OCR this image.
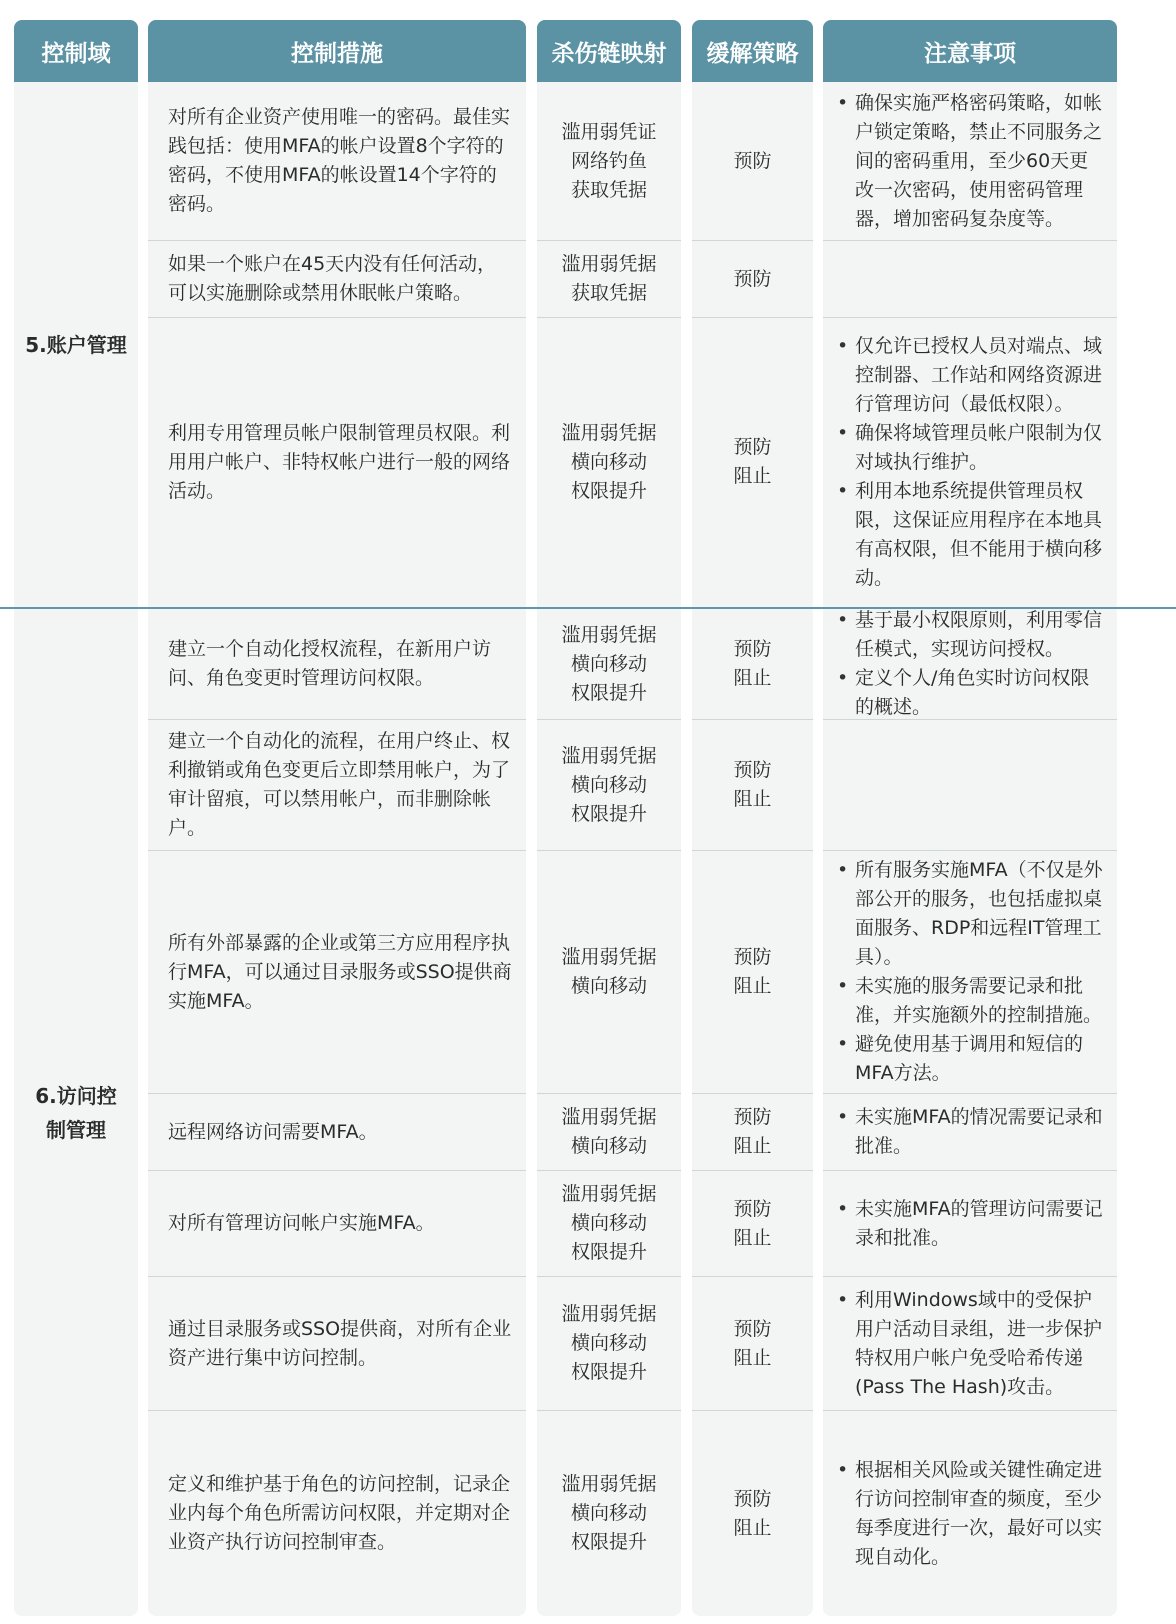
控制域
5.账户管理
6.访问控
制管理
控制措施
对所有企业资产使用唯一的密码。最佳实践包括：使用MFA的帐户设置8个字符的密码，不使用MFA的帐设置14个字符的密码。
如果一个账户在45天内没有任何活动，可以实施删除或禁用休眠帐户策略。
利用专用管理员帐户限制管理员权限。利用用户帐户、非特权帐户进行一般的网络活动。
建立一个自动化授权流程，在新用户访问、角色变更时管理访问权限。
建立一个自动化的流程，在用户终止、权利撤销或角色变更后立即禁用帐户，为了审计留痕，可以禁用帐户，而非删除帐户。
所有外部暴露的企业或第三方应用程序执行MFA，可以通过目录服务或SSO提供商实施MFA。
远程网络访问需要MFA。
对所有管理访问帐户实施MFA。
通过目录服务或SSO提供商，对所有企业资产进行集中访问控制。
定义和维护基于角色的访问控制，记录企业内每个角色所需访问权限，并定期对企业资产执行访问控制审查。
杀伤链映射
滥用弱凭证
网络钓鱼
获取凭据
滥用弱凭据
获取凭据
滥用弱凭据
横向移动
权限提升
滥用弱凭据
横向移动
权限提升
滥用弱凭据
横向移动
权限提升
滥用弱凭据
横向移动
滥用弱凭据
横向移动
滥用弱凭据
横向移动
权限提升
滥用弱凭据
横向移动
权限提升
滥用弱凭据
横向移动
权限提升
缓解策略
预防
预防
预防
阻止
预防
阻止
预防
阻止
预防
阻止
预防
阻止
预防
阻止
预防
阻止
预防
阻止
注意事项
• 确保实施严格密码策略，如帐户锁定策略，禁止不同服务之间的密码重用，至少60天更改一次密码，使用密码管理器，增加密码复杂度等。
• 仅允许已授权人员对端点、域控制器、工作站和网络资源进行管理访问（最低权限）。
• 确保将域管理员帐户限制为仅对域执行维护。
• 利用本地系统提供管理员权限，这保证应用程序在本地具有高权限，但不能用于横向移动。
• 基于最小权限原则，利用零信任模式，实现访问授权。
• 定义个人/角色实时访问权限的概述。
• 所有服务实施MFA（不仅是外部公开的服务，也包括虚拟桌面服务、RDP和远程IT管理工具）。
• 未实施的服务需要记录和批准，并实施额外的控制措施。
• 避免使用基于调用和短信的MFA方法。
• 未实施MFA的情况需要记录和批准。
• 未实施MFA的管理访问需要记录和批准。
• 利用Windows域中的受保护用户活动目录组，进一步保护特权用户帐户免受哈希传递(Pass The Hash)攻击。
• 根据相关风险或关键性确定进行访问控制审查的频度，至少每季度进行一次，最好可以实现自动化。
